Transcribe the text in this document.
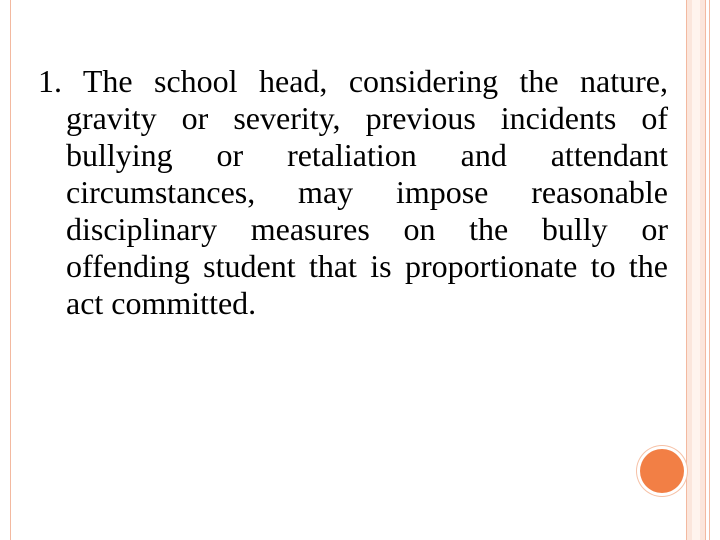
1. The school head, considering the nature, gravity or severity, previous incidents of bullying or retaliation and attendant circumstances, may impose reasonable disciplinary measures on the bully or offending student that is proportionate to the act committed.
